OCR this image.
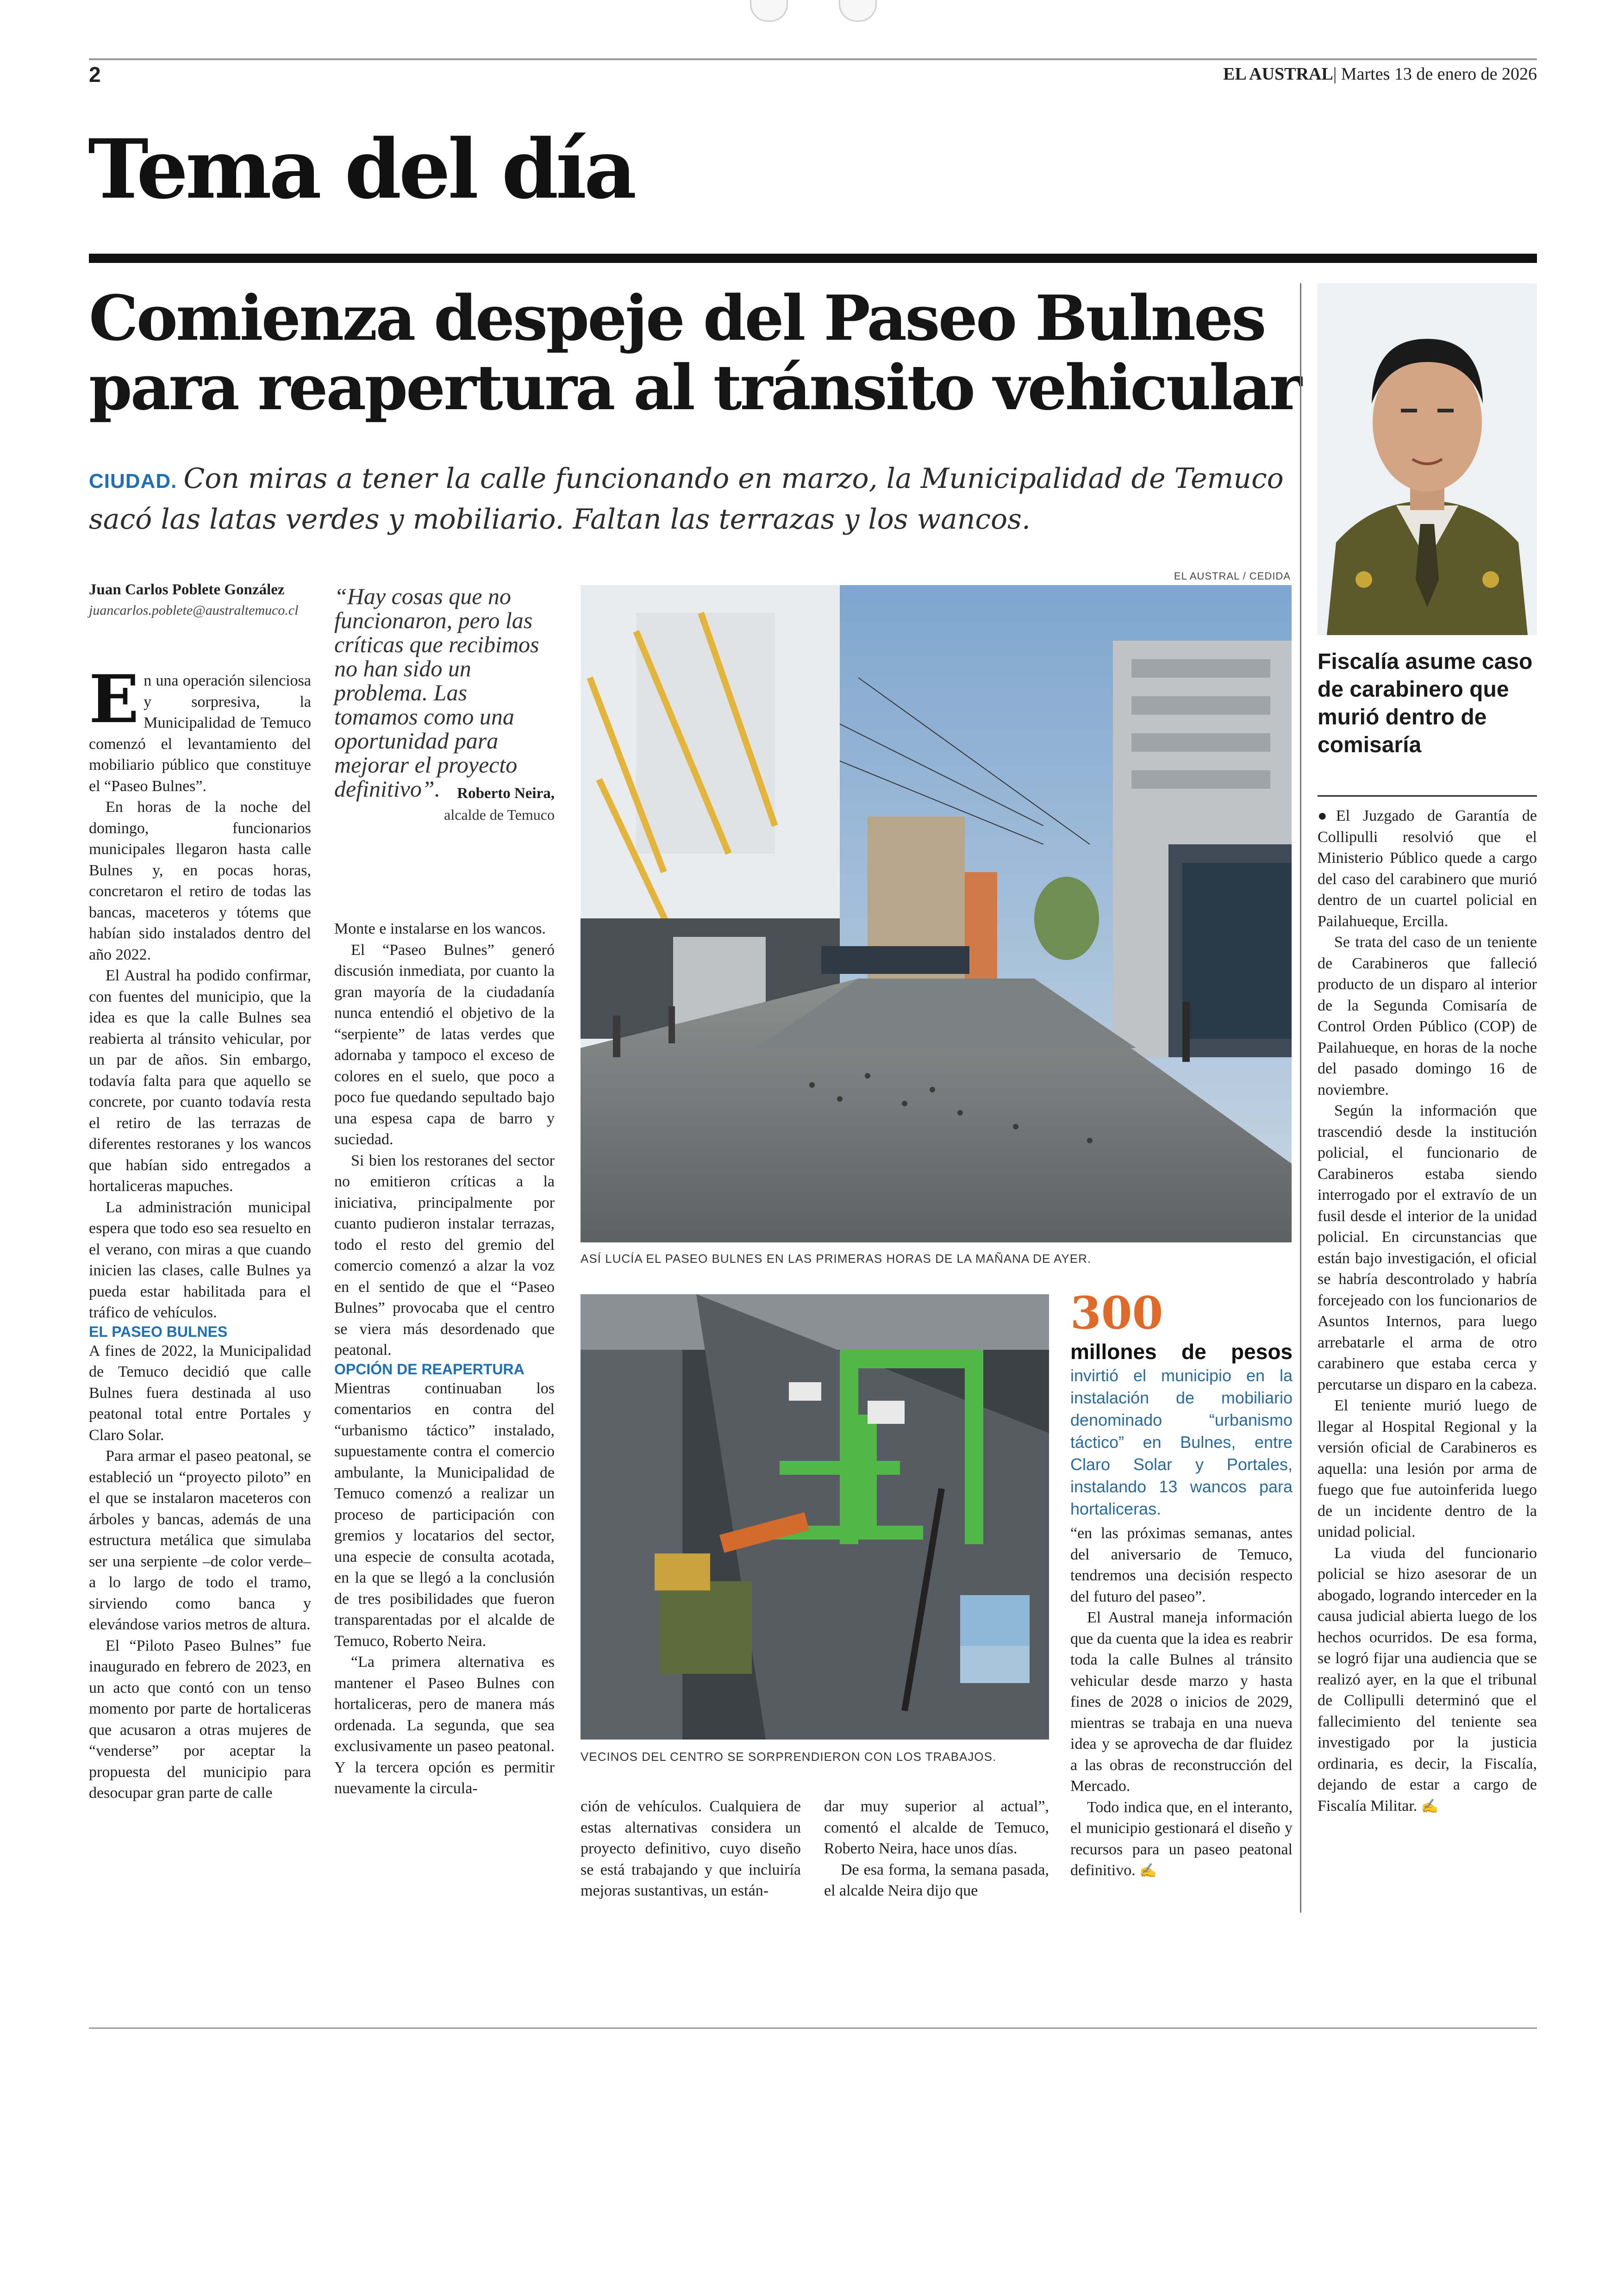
2	EL AUSTRAL| Martes 13 de enero de 2026
Tema del día
Comienza despeje del Paseo Bulnes
para reapertura al tránsito vehicular
CIUDAD. Con miras a tener la calle funcionando en marzo, la Municipalidad de Temuco sacó las latas verdes y mobiliario. Faltan las terrazas y los wancos.
Juan Carlos Poblete González
juancarlos.poblete@australtemuco.cl

En una operación silenciosa y sorpresiva, la Municipalidad de Temuco comenzó el levantamiento del mobiliario público que constituye el “Paseo Bulnes”.

En horas de la noche del domingo, funcionarios municipales llegaron hasta calle Bulnes y, en pocas horas, concretaron el retiro de todas las bancas, maceteros y tótems que habían sido instalados dentro del año 2022.

El Austral ha podido confirmar, con fuentes del municipio, que la idea es que la calle Bulnes sea reabierta al tránsito vehicular, por un par de años. Sin embargo, todavía falta para que aquello se concrete, por cuanto todavía resta el retiro de las terrazas de diferentes restoranes y los wancos que habían sido entregados a hortaliceras mapuches.

La administración municipal espera que todo eso sea resuelto en el verano, con miras a que cuando inicien las clases, calle Bulnes ya pueda estar habilitada para el tráfico de vehículos.

EL PASEO BULNES

A fines de 2022, la Municipalidad de Temuco decidió que calle Bulnes fuera destinada al uso peatonal total entre Portales y Claro Solar.

Para armar el paseo peatonal, se estableció un “proyecto piloto” en el que se instalaron maceteros con árboles y bancas, además de una estructura metálica que simulaba ser una serpiente –de color verde– a lo largo de todo el tramo, sirviendo como banca y elevándose varios metros de altura.

El “Piloto Paseo Bulnes” fue inaugurado en febrero de 2023, en un acto que contó con un tenso momento por parte de hortaliceras que acusaron a otras mujeres de “venderse” por aceptar la propuesta del municipio para desocupar gran parte de calle

“Hay cosas que no funcionaron, pero las críticas que recibimos no han sido un problema. Las tomamos como una oportunidad para mejorar el proyecto definitivo”.	Roberto Neira,
alcalde de Temuco

Monte e instalarse en los wancos.

El “Paseo Bulnes” generó discusión inmediata, por cuanto la gran mayoría de la ciudadanía nunca entendió el objetivo de la “serpiente” de latas verdes que adornaba y tampoco el exceso de colores en el suelo, que poco a poco fue quedando sepultado bajo una espesa capa de barro y suciedad.

Si bien los restoranes del sector no emitieron críticas a la iniciativa, principalmente por cuanto pudieron instalar terrazas, todo el resto del gremio del comercio comenzó a alzar la voz en el sentido de que el “Paseo Bulnes” provocaba que el centro se viera más desordenado que peatonal.

OPCIÓN DE REAPERTURA

Mientras continuaban los comentarios en contra del “urbanismo táctico” instalado, supuestamente contra el comercio ambulante, la Municipalidad de Temuco comenzó a realizar un proceso de participación con gremios y locatarios del sector, una especie de consulta acotada, en la que se llegó a la conclusión de tres posibilidades que fueron transparentadas por el alcalde de Temuco, Roberto Neira.

“La primera alternativa es mantener el Paseo Bulnes con hortaliceras, pero de manera más ordenada. La segunda, que sea exclusivamente un paseo peatonal. Y la tercera opción es permitir nuevamente la circula-

EL AUSTRAL / CEDIDA
ASÍ LUCÍA EL PASEO BULNES EN LAS PRIMERAS HORAS DE LA MAÑANA DE AYER.
VECINOS DEL CENTRO SE SORPRENDIERON CON LOS TRABAJOS.
300
millones de pesos invirtió el municipio en la instalación de mobiliario denominado “urbanismo táctico” en Bulnes, entre Claro Solar y Portales, instalando 13 wancos para hortaliceras.

ción de vehículos. Cualquiera de estas alternativas considera un proyecto definitivo, cuyo diseño se está trabajando y que incluiría mejoras sustantivas, un están-

dar muy superior al actual”, comentó el alcalde de Temuco, Roberto Neira, hace unos días.

De esa forma, la semana pasada, el alcalde Neira dijo que

“en las próximas semanas, antes del aniversario de Temuco, tendremos una decisión respecto del futuro del paseo”.

El Austral maneja información que da cuenta que la idea es reabrir toda la calle Bulnes al tránsito vehicular desde marzo y hasta fines de 2028 o inicios de 2029, mientras se trabaja en una nueva idea y se aprovecha de dar fluidez a las obras de reconstrucción del Mercado.

Todo indica que, en el interanto, el municipio gestionará el diseño y recursos para un paseo peatonal definitivo. ✍

Fiscalía asume caso de carabinero que murió dentro de comisaría

●El Juzgado de Garantía de Collipulli resolvió que el Ministerio Público quede a cargo del caso del carabinero que murió dentro de un cuartel policial en Pailahueque, Ercilla.

Se trata del caso de un teniente de Carabineros que falleció producto de un disparo al interior de la Segunda Comisaría de Control Orden Público (COP) de Pailahueque, en horas de la noche del pasado domingo 16 de noviembre.

Según la información que trascendió desde la institución policial, el funcionario de Carabineros estaba siendo interrogado por el extravío de un fusil desde el interior de la unidad policial. En circunstancias que están bajo investigación, el oficial se habría descontrolado y habría forcejeado con los funcionarios de Asuntos Internos, para luego arrebatarle el arma de otro carabinero que estaba cerca y percutarse un disparo en la cabeza.

El teniente murió luego de llegar al Hospital Regional y la versión oficial de Carabineros es aquella: una lesión por arma de fuego que fue autoinferida luego de un incidente dentro de la unidad policial.

La viuda del funcionario policial se hizo asesorar de un abogado, logrando interceder en la causa judicial abierta luego de los hechos ocurridos. De esa forma, se logró fijar una audiencia que se realizó ayer, en la que el tribunal de Collipulli determinó que el fallecimiento del teniente sea investigado por la justicia ordinaria, es decir, la Fiscalía, dejando de estar a cargo de Fiscalía Militar. ✍
